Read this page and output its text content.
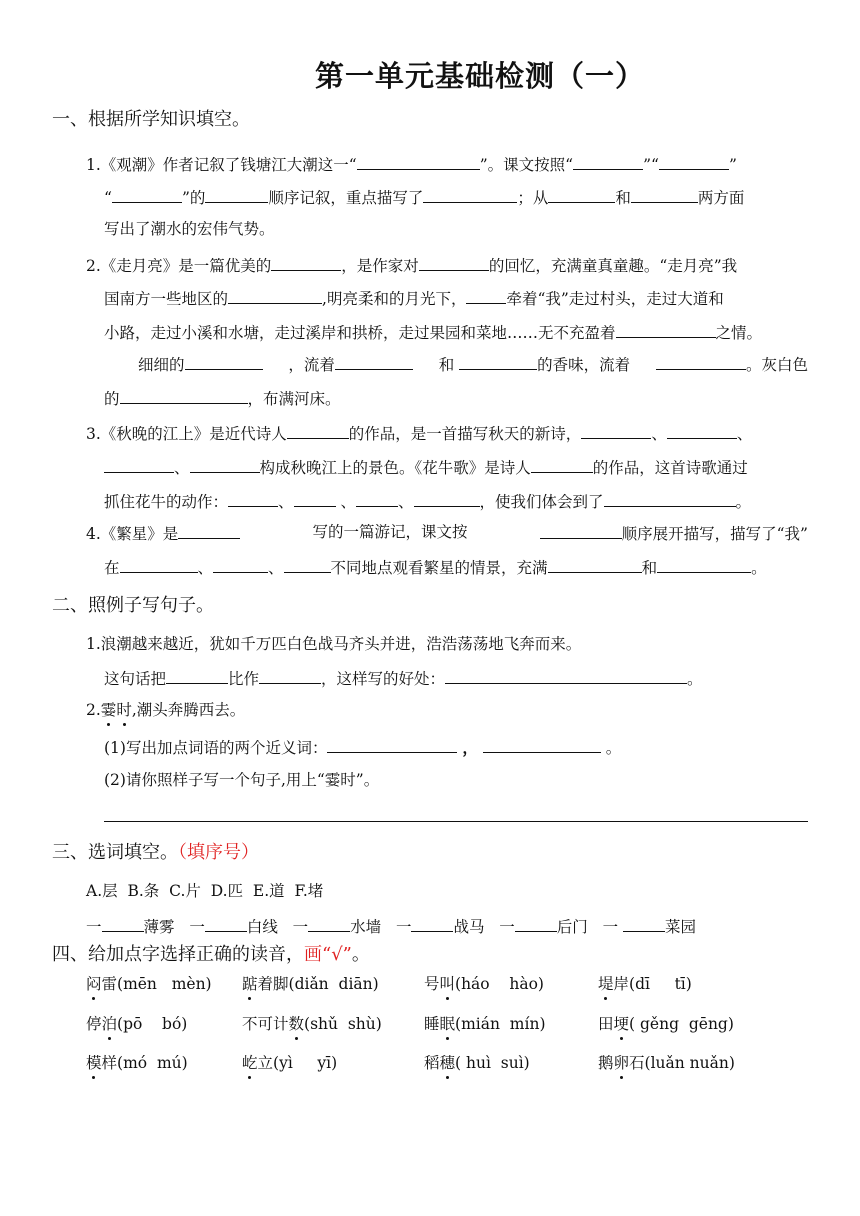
第一单元基础检测（一）
一、根据所学知识填空。
1.《观潮》作者记叙了钱塘江大潮这一“	”。课文按照“	”“	”
“	”的	顺序记叙，重点描写了	；从	和	两方面
写出了潮水的宏伟气势。
2.《走月亮》是一篇优美的	，是作家对	的回忆，充满童真童趣。“走月亮”我
国南方一些地区的	,明亮柔和的月光下，	牵着“我”走过村头，走过大道和
小路，走过小溪和水塘，走过溪岸和拱桥，走过果园和菜地……无不充盈着	之情。
细细的	，流着	和	的香味，流着	。灰白色
的	，布满河床。
3.《秋晚的江上》是近代诗人	的作品，是一首描写秋天的新诗，	、	、
、	构成秋晚江上的景色。《花牛歌》是诗人	的作品，这首诗歌通过
抓住花牛的动作：	、	、	、	，使我们体会到了	。
4.《繁星》是	写的一篇游记，课文按	顺序展开描写，描写了“我”
在	、	、	不同地点观看繁星的情景，充满	和	。
二、照例子写句子。
1.浪潮越来越近，犹如千万匹白色战马齐头并进，浩浩荡荡地飞奔而来。
这句话把	比作	，这样写的好处：	。
2.霎时,潮头奔腾西去。
(1)写出加点词语的两个近义词：	，	。
(2)请你照样子写一个句子,用上“霎时”。
三、选词填空。（填序号）
A.层  B.条  C.片  D.匹  E.道  F.堵
一	薄雾 一	白线 一	水墙 一	战马 一	后门 一	菜园
四、给加点字选择正确的读音，画“√”。
闷雷(mēn   mèn) 踮着脚(diǎn  diān)	号叫(háo    hào)	堤岸(dī     tī)
停泊(pō    bó)	不可计数(shǔ  shù)	睡眠(mián  mín)	田埂( gěng  gēng)
模样(mó  mú)	屹立(yì     yī)	稻穗( huì  suì)	鹅卵石(luǎn nuǎn)
